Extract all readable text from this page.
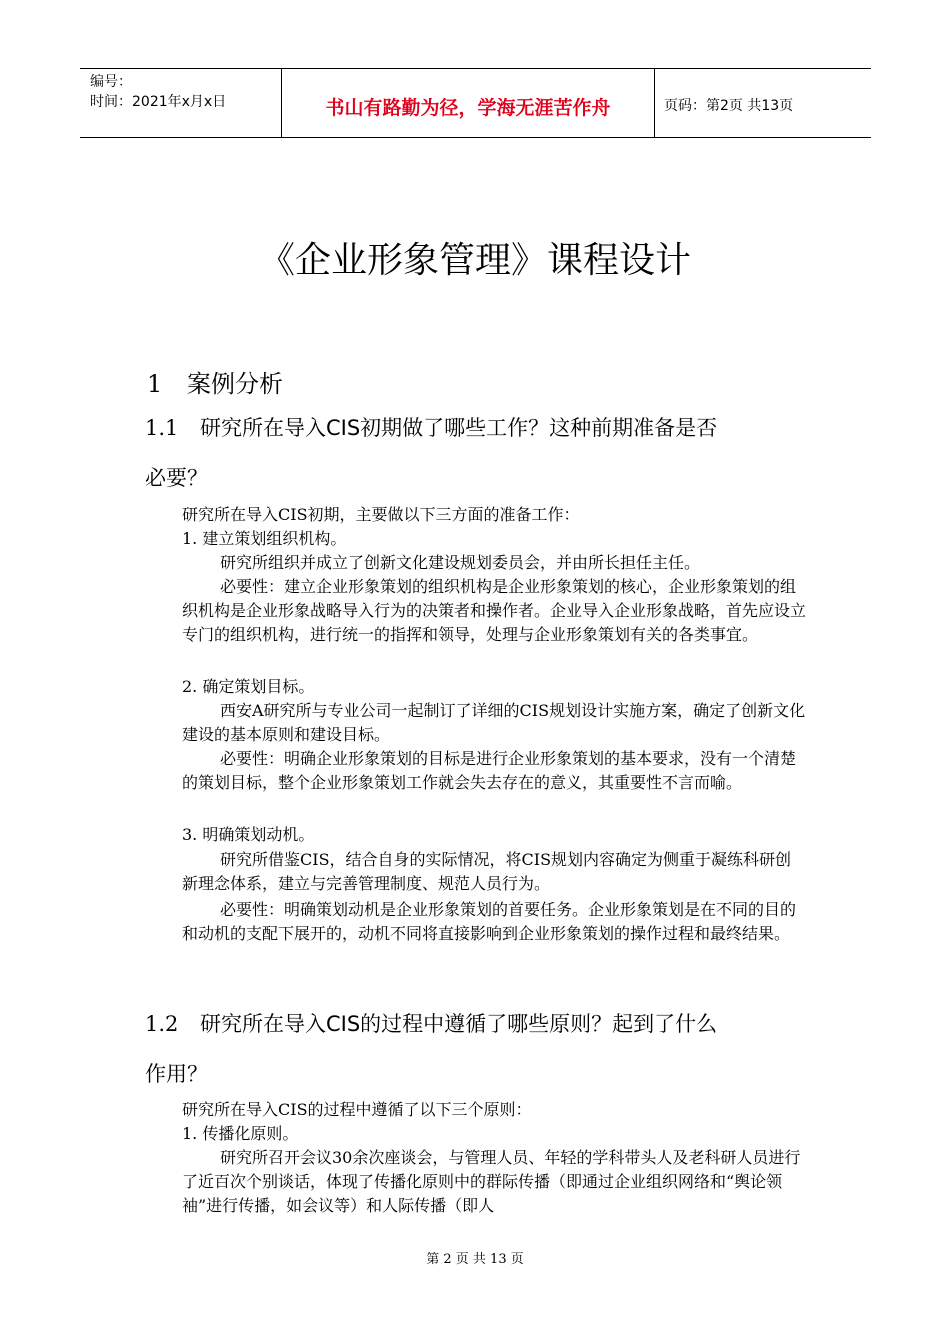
编号：
时间：2021年x月x日	书山有路勤为径，学海无涯苦作舟	页码：第2页 共13页
《企业形象管理》课程设计
1 案例分析
1.1 研究所在导入CIS初期做了哪些工作？这种前期准备是否
必要？
研究所在导入CIS初期，主要做以下三方面的准备工作：
1. 建立策划组织机构。
研究所组织并成立了创新文化建设规划委员会，并由所长担任主任。
必要性：建立企业形象策划的组织机构是企业形象策划的核心，企业形象策划的组织机构是企业形象战略导入行为的决策者和操作者。企业导入企业形象战略，首先应设立专门的组织机构，进行统一的指挥和领导，处理与企业形象策划有关的各类事宜。
2. 确定策划目标。
西安A研究所与专业公司一起制订了详细的CIS规划设计实施方案，确定了创新文化建设的基本原则和建设目标。
必要性：明确企业形象策划的目标是进行企业形象策划的基本要求，没有一个清楚的策划目标，整个企业形象策划工作就会失去存在的意义，其重要性不言而喻。
3. 明确策划动机。
研究所借鉴CIS，结合自身的实际情况，将CIS规划内容确定为侧重于凝练科研创新理念体系，建立与完善管理制度、规范人员行为。
必要性：明确策划动机是企业形象策划的首要任务。企业形象策划是在不同的目的和动机的支配下展开的，动机不同将直接影响到企业形象策划的操作过程和最终结果。
1.2 研究所在导入CIS的过程中遵循了哪些原则？起到了什么
作用？
研究所在导入CIS的过程中遵循了以下三个原则：
1. 传播化原则。
研究所召开会议30余次座谈会，与管理人员、年轻的学科带头人及老科研人员进行了近百次个别谈话，体现了传播化原则中的群际传播（即通过企业组织网络和“舆论领袖”进行传播，如会议等）和人际传播（即人
第 2 页 共 13 页
